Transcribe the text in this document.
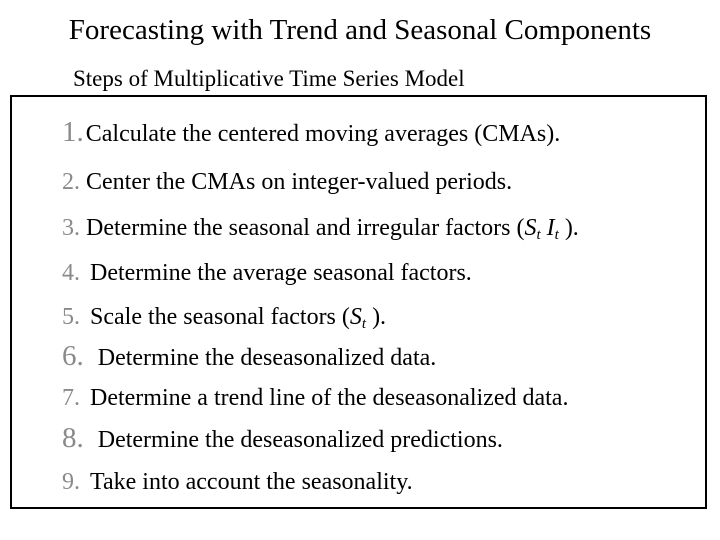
Forecasting with Trend and Seasonal Components
Steps of Multiplicative Time Series Model
1.Calculate the centered moving averages (CMAs).
2. Center the CMAs on integer-valued periods.
3. Determine the seasonal and irregular factors ($S_t$ $I_t$ ).
4. Determine the average seasonal factors.
5. Scale the seasonal factors ($S_t$ ).
6. Determine the deseasonalized data.
7. Determine a trend line of the deseasonalized data.
8. Determine the deseasonalized predictions.
9. Take into account the seasonality.
